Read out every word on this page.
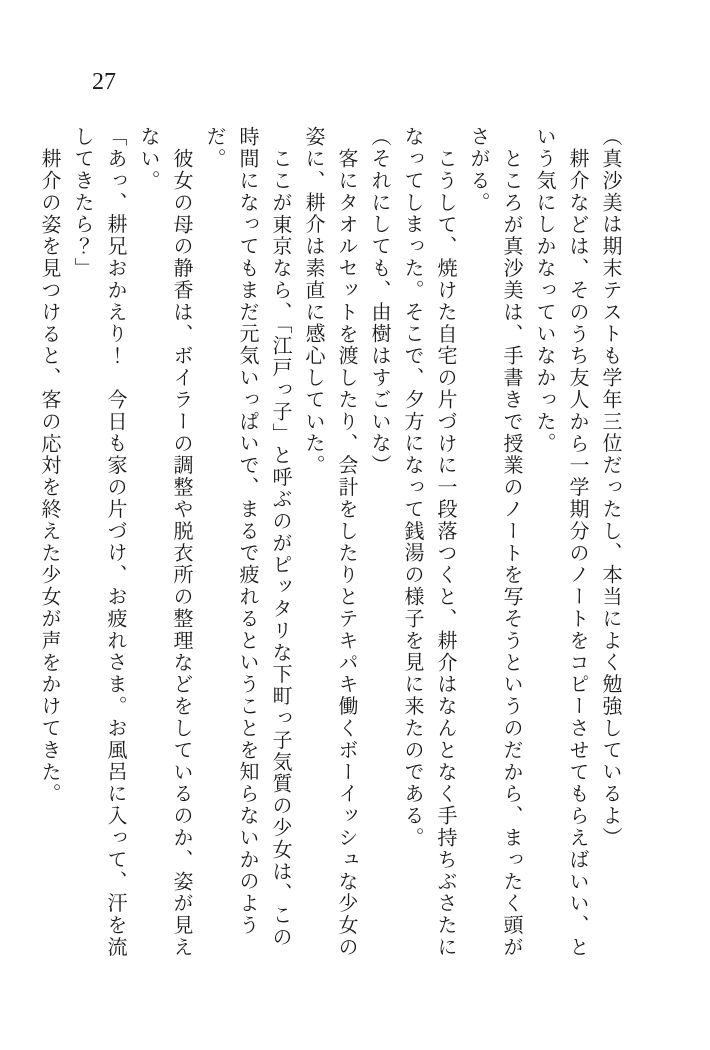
27

（真沙美は期末テストも学年三位だったし、本当によく勉強しているよ）

耕介などは、そのうち友人から一学期分のノートをコピーさせてもらえばいい、という気にしかなっていなかった。

ところが真沙美は、手書きで授業のノートを写そうというのだから、まったく頭がさがる。

こうして、焼けた自宅の片づけに一段落つくと、耕介はなんとなく手持ちぶさたになってしまった。そこで、夕方になって銭湯の様子を見に来たのである。

（それにしても、由樹はすごいな）

客にタオルセットを渡したり、会計をしたりとテキパキ働くボーイッシュな少女の姿に、耕介は素直に感心していた。

ここが東京なら、「江戸っ子」と呼ぶのがピッタリな下町っ子気質の少女は、この時間になってもまだ元気いっぱいで、まるで疲れるということを知らないかのようだ。

彼女の母の静香は、ボイラーの調整や脱衣所の整理などをしているのか、姿が見えない。

「あっ、耕兄おかえり！　今日も家の片づけ、お疲れさま。お風呂に入って、汗を流してきたら？」

耕介の姿を見つけると、客の応対を終えた少女が声をかけてきた。
